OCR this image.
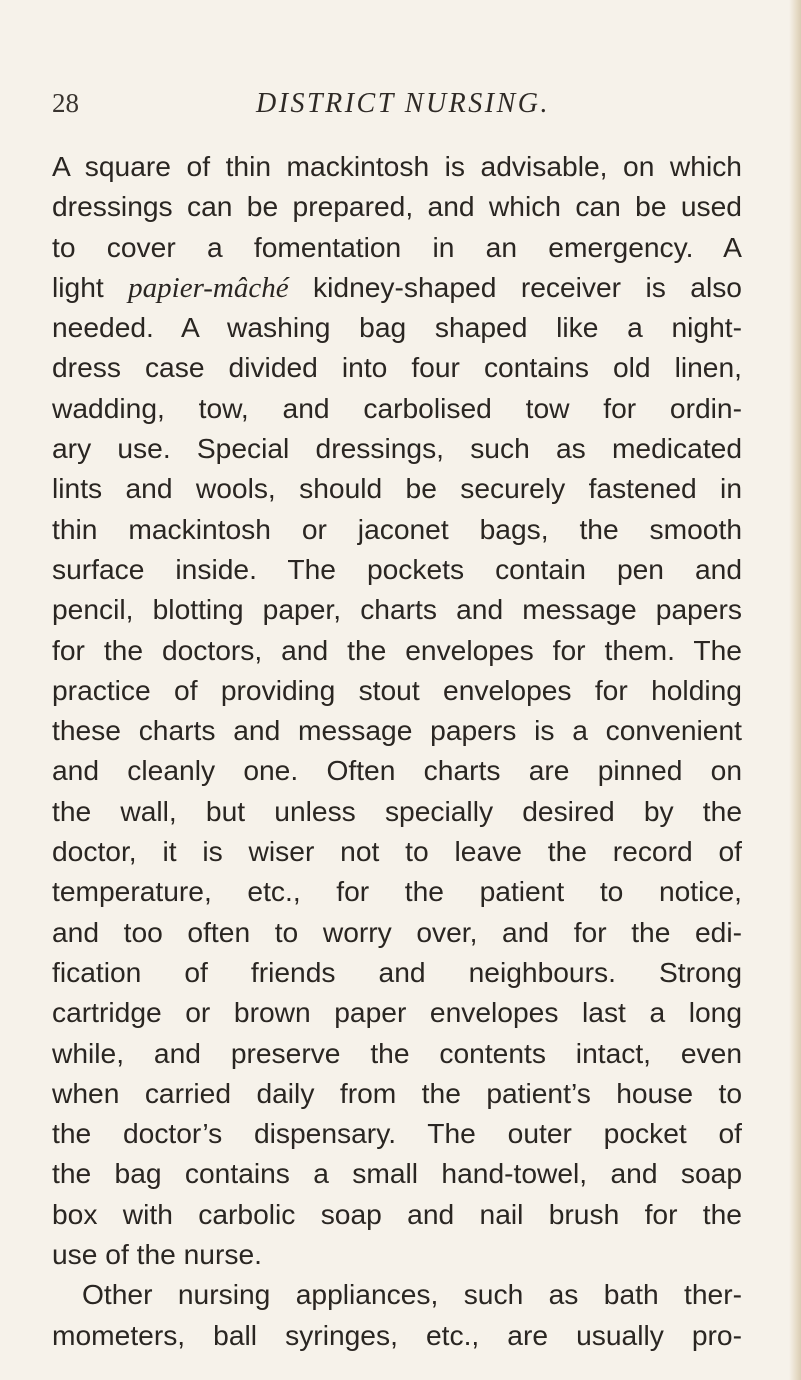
28	DISTRICT NURSING.
A square of thin mackintosh is advisable, on which
dressings can be prepared, and which can be used
to cover a fomentation in an emergency. A
light papier-mâché kidney-shaped receiver is also
needed. A washing bag shaped like a night-
dress case divided into four contains old linen,
wadding, tow, and carbolised tow for ordin-
ary use. Special dressings, such as medicated
lints and wools, should be securely fastened in
thin mackintosh or jaconet bags, the smooth
surface inside. The pockets contain pen and
pencil, blotting paper, charts and message papers
for the doctors, and the envelopes for them. The
practice of providing stout envelopes for holding
these charts and message papers is a convenient
and cleanly one. Often charts are pinned on
the wall, but unless specially desired by the
doctor, it is wiser not to leave the record of
temperature, etc., for the patient to notice,
and too often to worry over, and for the edi-
fication of friends and neighbours. Strong
cartridge or brown paper envelopes last a long
while, and preserve the contents intact, even
when carried daily from the patient’s house to
the doctor’s dispensary. The outer pocket of
the bag contains a small hand-towel, and soap
box with carbolic soap and nail brush for the
use of the nurse.
Other nursing appliances, such as bath ther-
mometers, ball syringes, etc., are usually pro-
